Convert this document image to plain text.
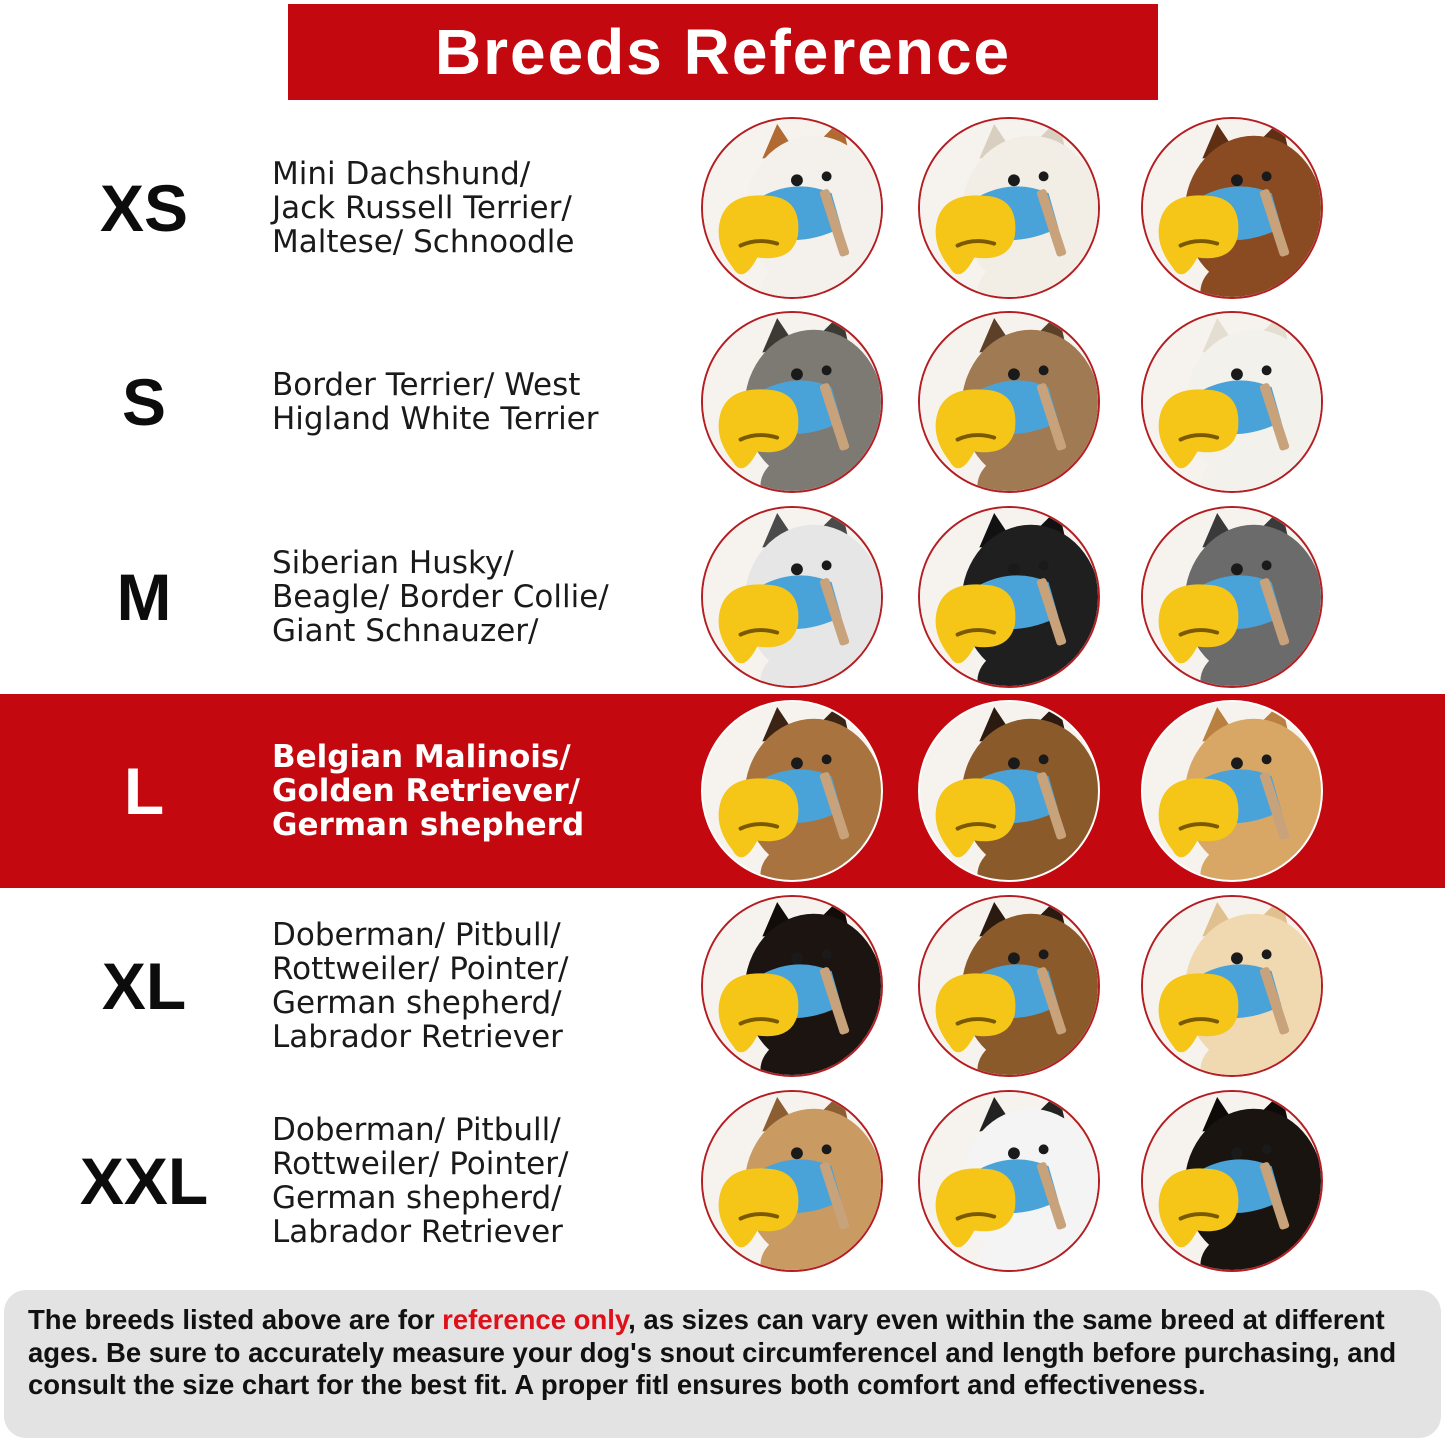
Breeds Reference
XS	Mini Dachshund/
Jack Russell Terrier/
Maltese/ Schnoodle
S	Border Terrier/ West
Higland White Terrier
M	Siberian Husky/
Beagle/ Border Collie/
Giant Schnauzer/
L	Belgian Malinois/
Golden Retriever/
German shepherd
XL
Doberman/ Pitbull/
Rottweiler/ Pointer/
German shepherd/
Labrador Retriever
XXL
Doberman/ Pitbull/
Rottweiler/ Pointer/
German shepherd/
Labrador Retriever
The breeds listed above are for reference only, as sizes can vary even within the same breed at different ages. Be sure to accurately measure your dog's snout circumferencel and length before purchasing, and consult the size chart for the best fit. A proper fitl ensures both comfort and effectiveness.
